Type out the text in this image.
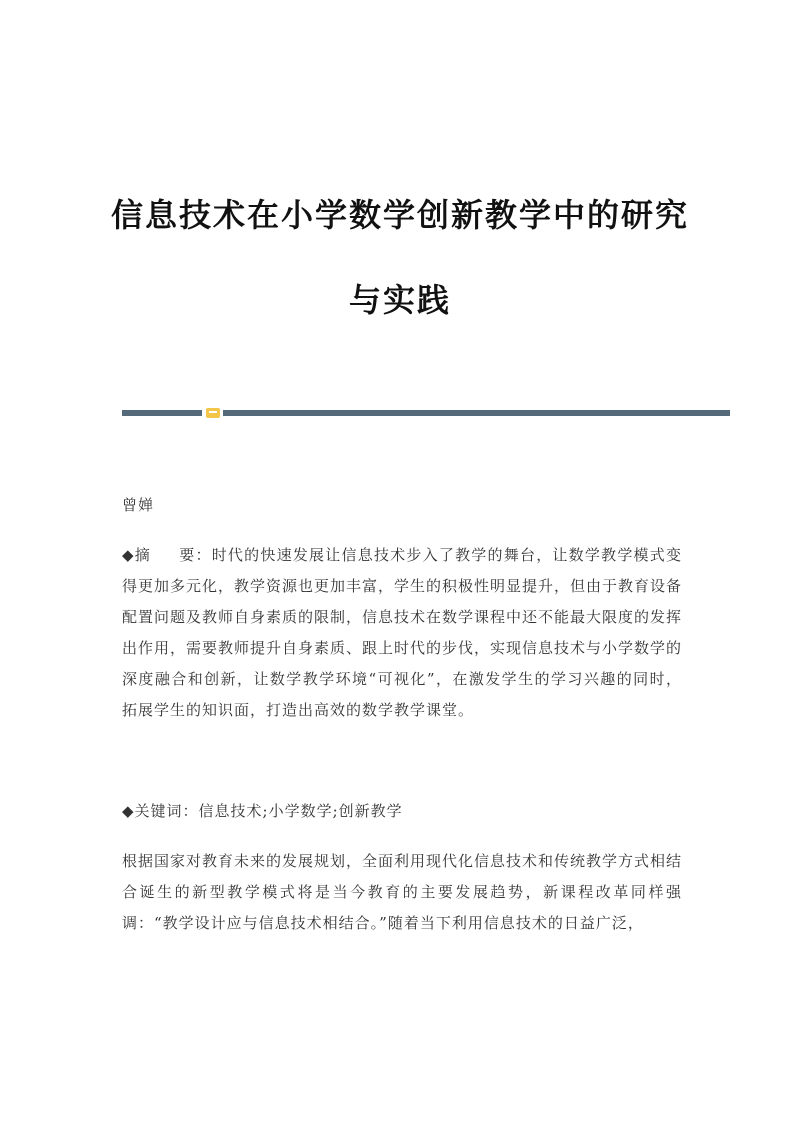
信息技术在小学数学创新教学中的研究
与实践
曾婵
◆摘 要：时代的快速发展让信息技术步入了教学的舞台，让数学教学模式变得更加多元化，教学资源也更加丰富，学生的积极性明显提升，但由于教育设备配置问题及教师自身素质的限制，信息技术在数学课程中还不能最大限度的发挥出作用，需要教师提升自身素质、跟上时代的步伐，实现信息技术与小学数学的深度融合和创新，让数学教学环境“可视化”，在激发学生的学习兴趣的同时，拓展学生的知识面，打造出高效的数学教学课堂。
◆关键词：信息技术;小学数学;创新教学
根据国家对教育未来的发展规划，全面利用现代化信息技术和传统教学方式相结合诞生的新型教学模式将是当今教育的主要发展趋势，新课程改革同样强调：“教学设计应与信息技术相结合。”随着当下利用信息技术的日益广泛，
